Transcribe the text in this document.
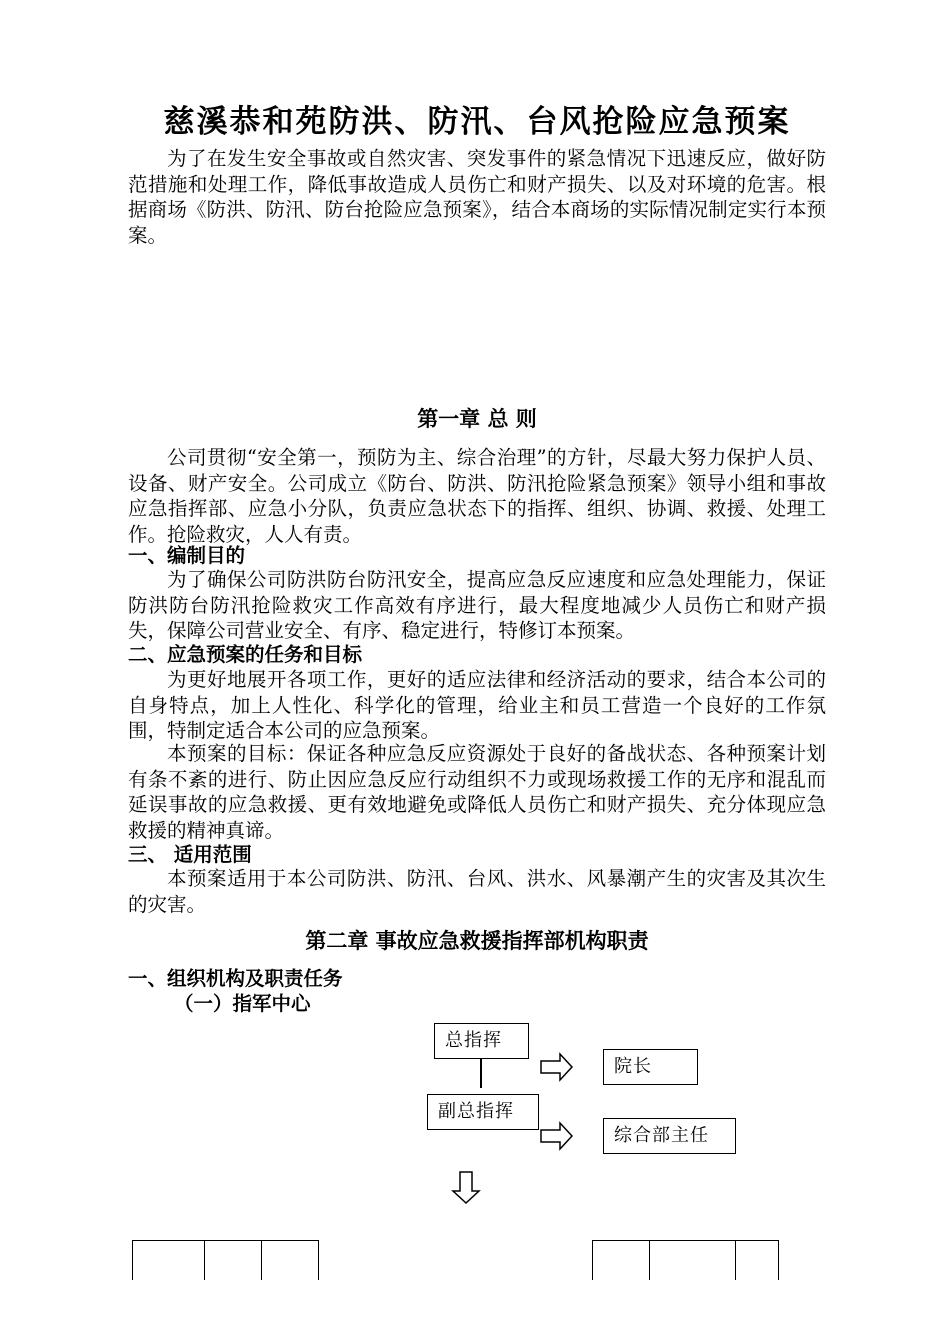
慈溪恭和苑防洪、防汛、台风抢险应急预案

为了在发生安全事故或自然灾害、突发事件的紧急情况下迅速反应，做好防范措施和处理工作，降低事故造成人员伤亡和财产损失、以及对环境的危害。根据商场《防洪、防汛、防台抢险应急预案》，结合本商场的实际情况制定实行本预案。

第一章 总 则

公司贯彻“安全第一，预防为主、综合治理”的方针，尽最大努力保护人员、设备、财产安全。公司成立《防台、防洪、防汛抢险紧急预案》领导小组和事故应急指挥部、应急小分队，负责应急状态下的指挥、组织、协调、救援、处理工作。抢险救灾，人人有责。

一、编制目的

为了确保公司防洪防台防汛安全，提高应急反应速度和应急处理能力，保证防洪防台防汛抢险救灾工作高效有序进行，最大程度地减少人员伤亡和财产损失，保障公司营业安全、有序、稳定进行，特修订本预案。

二、应急预案的任务和目标

为更好地展开各项工作，更好的适应法律和经济活动的要求，结合本公司的自身特点，加上人性化、科学化的管理，给业主和员工营造一个良好的工作氛围，特制定适合本公司的应急预案。

本预案的目标：保证各种应急反应资源处于良好的备战状态、各种预案计划有条不紊的进行、防止因应急反应行动组织不力或现场救援工作的无序和混乱而延误事故的应急救援、更有效地避免或降低人员伤亡和财产损失、充分体现应急救援的精神真谛。

三、 适用范围

本预案适用于本公司防洪、防汛、台风、洪水、风暴潮产生的灾害及其次生的灾害。

第二章 事故应急救援指挥部机构职责
一、组织机构及职责任务
（一）指军中心
总指挥
副总指挥
院长
综合部主任
